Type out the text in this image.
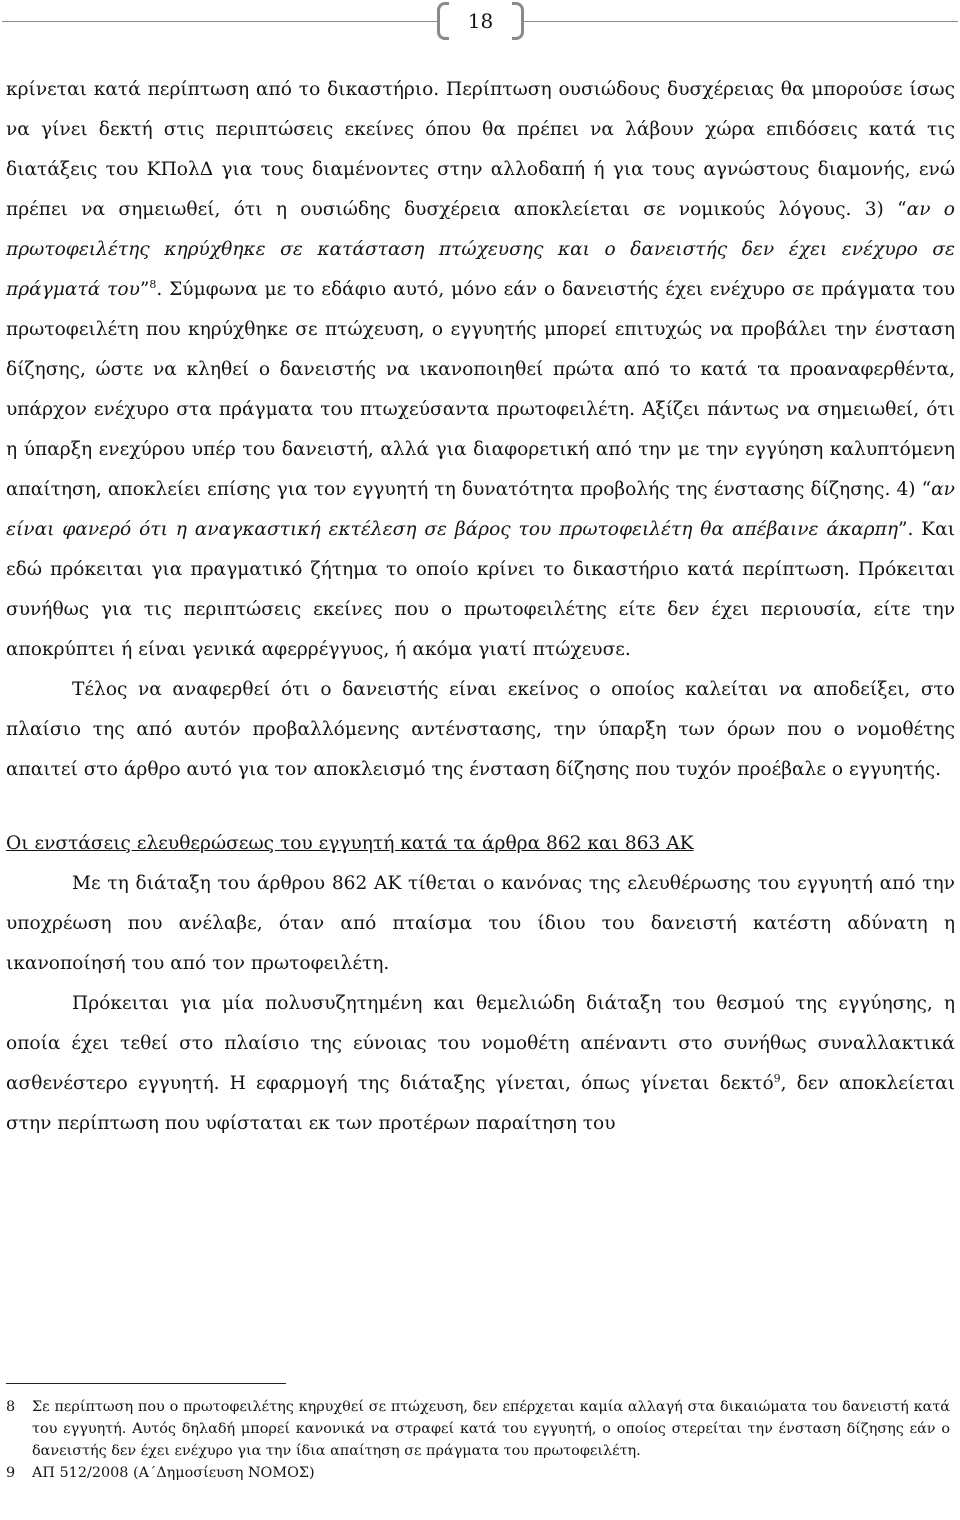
18

κρίνεται κατά περίπτωση από το δικαστήριο. Περίπτωση ουσιώδους δυσχέρειας θα μπορούσε ίσως να γίνει δεκτή στις περιπτώσεις εκείνες όπου θα πρέπει να λάβουν χώρα επιδόσεις κατά τις διατάξεις του ΚΠολΔ για τους διαμένοντες στην αλλοδαπή ή για τους αγνώστους διαμονής, ενώ πρέπει να σημειωθεί, ότι η ουσιώδης δυσχέρεια αποκλείεται σε νομικούς λόγους. 3) “αν ο πρωτοφειλέτης κηρύχθηκε σε κατάσταση πτώχευσης και ο δανειστής δεν έχει ενέχυρο σε πράγματά του”$^8$. Σύμφωνα με το εδάφιο αυτό, μόνο εάν ο δανειστής έχει ενέχυρο σε πράγματα του πρωτοφειλέτη που κηρύχθηκε σε πτώχευση, ο εγγυητής μπορεί επιτυχώς να προβάλει την ένσταση δίζησης, ώστε να κληθεί ο δανειστής να ικανοποιηθεί πρώτα από το κατά τα προαναφερθέντα, υπάρχον ενέχυρο στα πράγματα του πτωχεύσαντα πρωτοφειλέτη. Αξίζει πάντως να σημειωθεί, ότι η ύπαρξη ενεχύρου υπέρ του δανειστή, αλλά για διαφορετική από την με την εγγύηση καλυπτόμενη απαίτηση, αποκλείει επίσης για τον εγγυητή τη δυνατότητα προβολής της ένστασης δίζησης. 4) “αν είναι φανερό ότι η αναγκαστική εκτέλεση σε βάρος του πρωτοφειλέτη θα απέβαινε άκαρπη”. Και εδώ πρόκειται για πραγματικό ζήτημα το οποίο κρίνει το δικαστήριο κατά περίπτωση. Πρόκειται συνήθως για τις περιπτώσεις εκείνες που ο πρωτοφειλέτης είτε δεν έχει περιουσία, είτε την αποκρύπτει ή είναι γενικά αφερρέγγυος, ή ακόμα γιατί πτώχευσε.

Τέλος να αναφερθεί ότι ο δανειστής είναι εκείνος ο οποίος καλείται να αποδείξει, στο πλαίσιο της από αυτόν προβαλλόμενης αντένστασης, την ύπαρξη των όρων που ο νομοθέτης απαιτεί στο άρθρο αυτό για τον αποκλεισμό της ένσταση δίζησης που τυχόν προέβαλε ο εγγυητής.

Οι ενστάσεις ελευθερώσεως του εγγυητή κατά τα άρθρα 862 και 863 ΑΚ

Με τη διάταξη του άρθρου 862 ΑΚ τίθεται ο κανόνας της ελευθέρωσης του εγγυητή από την υποχρέωση που ανέλαβε, όταν από πταίσμα του ίδιου του δανειστή κατέστη αδύνατη η ικανοποίησή του από τον πρωτοφειλέτη.

Πρόκειται για μία πολυσυζητημένη και θεμελιώδη διάταξη του θεσμού της εγγύησης, η οποία έχει τεθεί στο πλαίσιο της εύνοιας του νομοθέτη απέναντι στο συνήθως συναλλακτικά ασθενέστερο εγγυητή. Η εφαρμογή της διάταξης γίνεται, όπως γίνεται δεκτό$^9$, δεν αποκλείεται στην περίπτωση που υφίσταται εκ των προτέρων παραίτηση του

8	Σε περίπτωση που ο πρωτοφειλέτης κηρυχθεί σε πτώχευση, δεν επέρχεται καμία αλλαγή στα δικαιώματα του δανειστή κατά του εγγυητή. Αυτός δηλαδή μπορεί κανονικά να στραφεί κατά του εγγυητή, ο οποίος στερείται την ένσταση δίζησης εάν ο δανειστής δεν έχει ενέχυρο για την ίδια απαίτηση σε πράγματα του πρωτοφειλέτη.
9	ΑΠ 512/2008 (Α΄Δημοσίευση ΝΟΜΟΣ)
